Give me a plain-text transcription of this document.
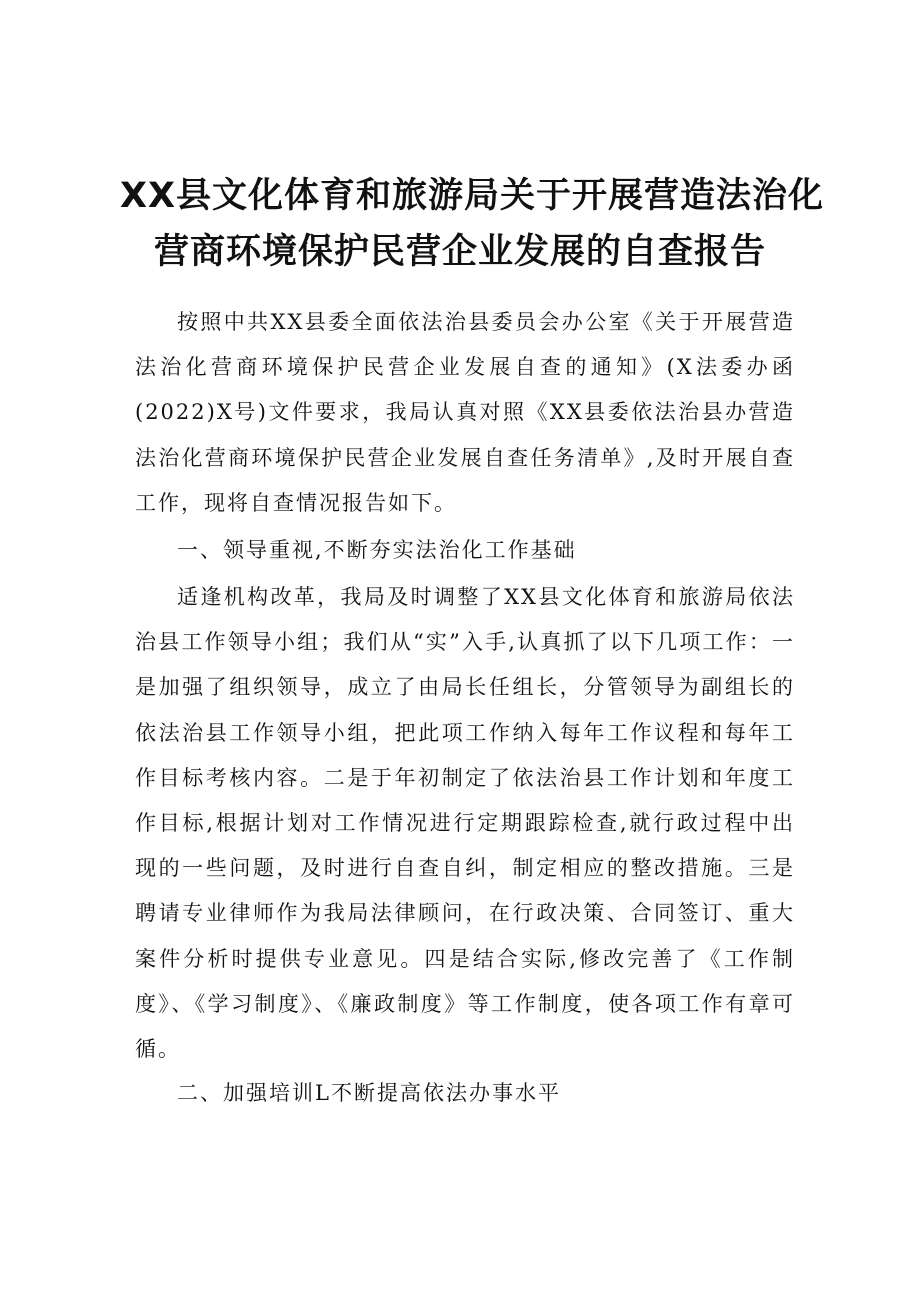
XX县文化体育和旅游局关于开展营造法治化
营商环境保护民营企业发展的自查报告

按照中共XX县委全面依法治县委员会办公室《关于开展营造法治化营商环境保护民营企业发展自查的通知》(X法委办函(2022)X号)文件要求，我局认真对照《XX县委依法治县办营造法治化营商环境保护民营企业发展自查任务清单》,及时开展自查工作，现将自查情况报告如下。

一、领导重视,不断夯实法治化工作基础

适逢机构改革，我局及时调整了XX县文化体育和旅游局依法治县工作领导小组；我们从“实”入手,认真抓了以下几项工作：一是加强了组织领导，成立了由局长任组长，分管领导为副组长的依法治县工作领导小组，把此项工作纳入每年工作议程和每年工作目标考核内容。二是于年初制定了依法治县工作计划和年度工作目标,根据计划对工作情况进行定期跟踪检查,就行政过程中出现的一些问题，及时进行自查自纠，制定相应的整改措施。三是聘请专业律师作为我局法律顾问，在行政决策、合同签订、重大案件分析时提供专业意见。四是结合实际,修改完善了《工作制度》、《学习制度》、《廉政制度》等工作制度，使各项工作有章可循。

二、加强培训L不断提高依法办事水平
